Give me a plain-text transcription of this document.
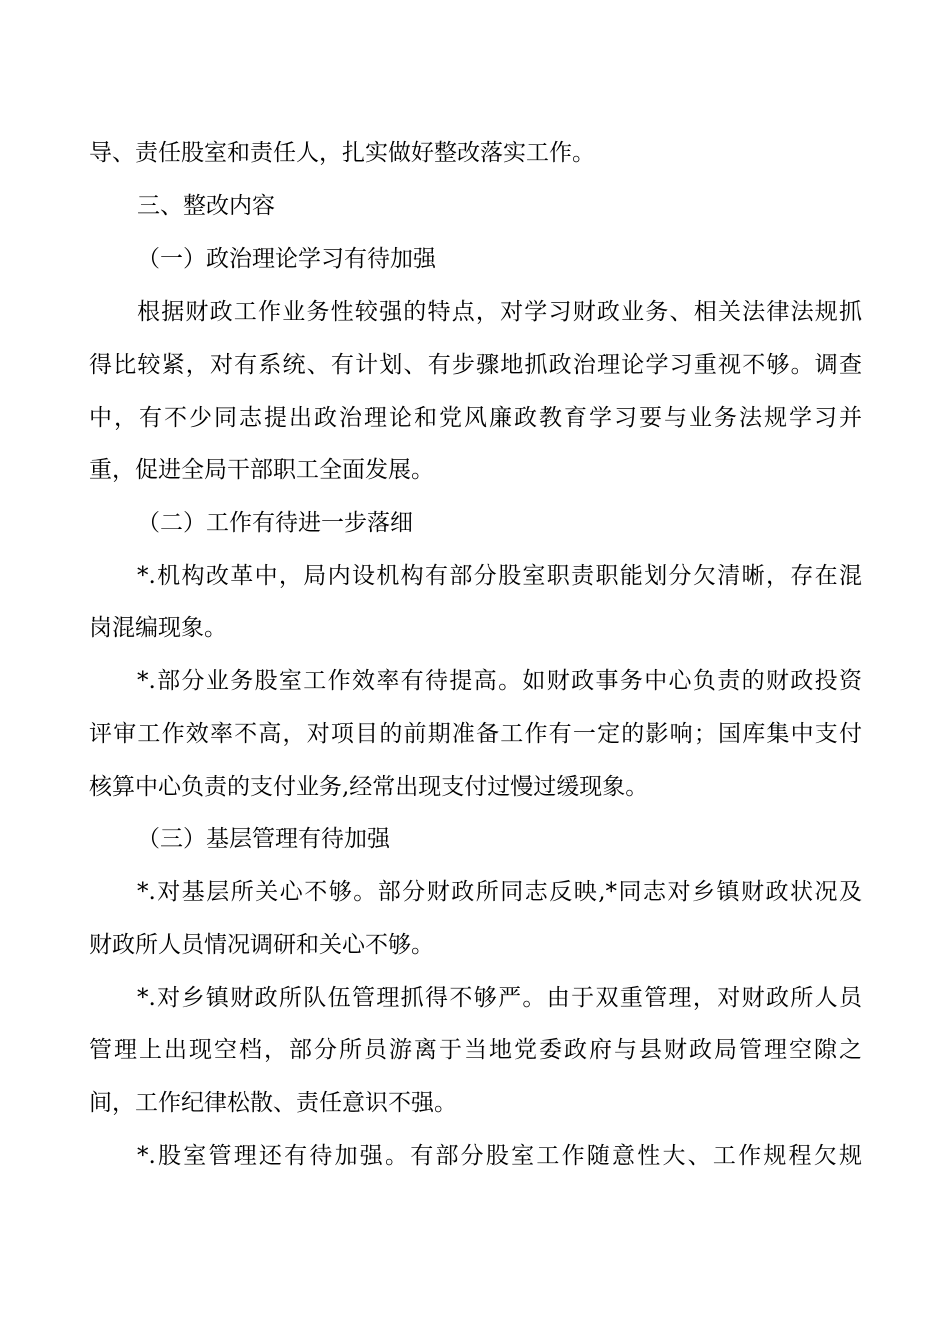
导、责任股室和责任人，扎实做好整改落实工作。
三、整改内容
（一）政治理论学习有待加强
根据财政工作业务性较强的特点，对学习财政业务、相关法律法规抓
得比较紧，对有系统、有计划、有步骤地抓政治理论学习重视不够。调查
中，有不少同志提出政治理论和党风廉政教育学习要与业务法规学习并
重，促进全局干部职工全面发展。
（二）工作有待进一步落细
*.机构改革中，局内设机构有部分股室职责职能划分欠清晰，存在混
岗混编现象。
*.部分业务股室工作效率有待提高。如财政事务中心负责的财政投资
评审工作效率不高，对项目的前期准备工作有一定的影响；国库集中支付
核算中心负责的支付业务,经常出现支付过慢过缓现象。
（三）基层管理有待加强
*.对基层所关心不够。部分财政所同志反映,*同志对乡镇财政状况及
财政所人员情况调研和关心不够。
*.对乡镇财政所队伍管理抓得不够严。由于双重管理，对财政所人员
管理上出现空档，部分所员游离于当地党委政府与县财政局管理空隙之
间，工作纪律松散、责任意识不强。
*.股室管理还有待加强。有部分股室工作随意性大、工作规程欠规
